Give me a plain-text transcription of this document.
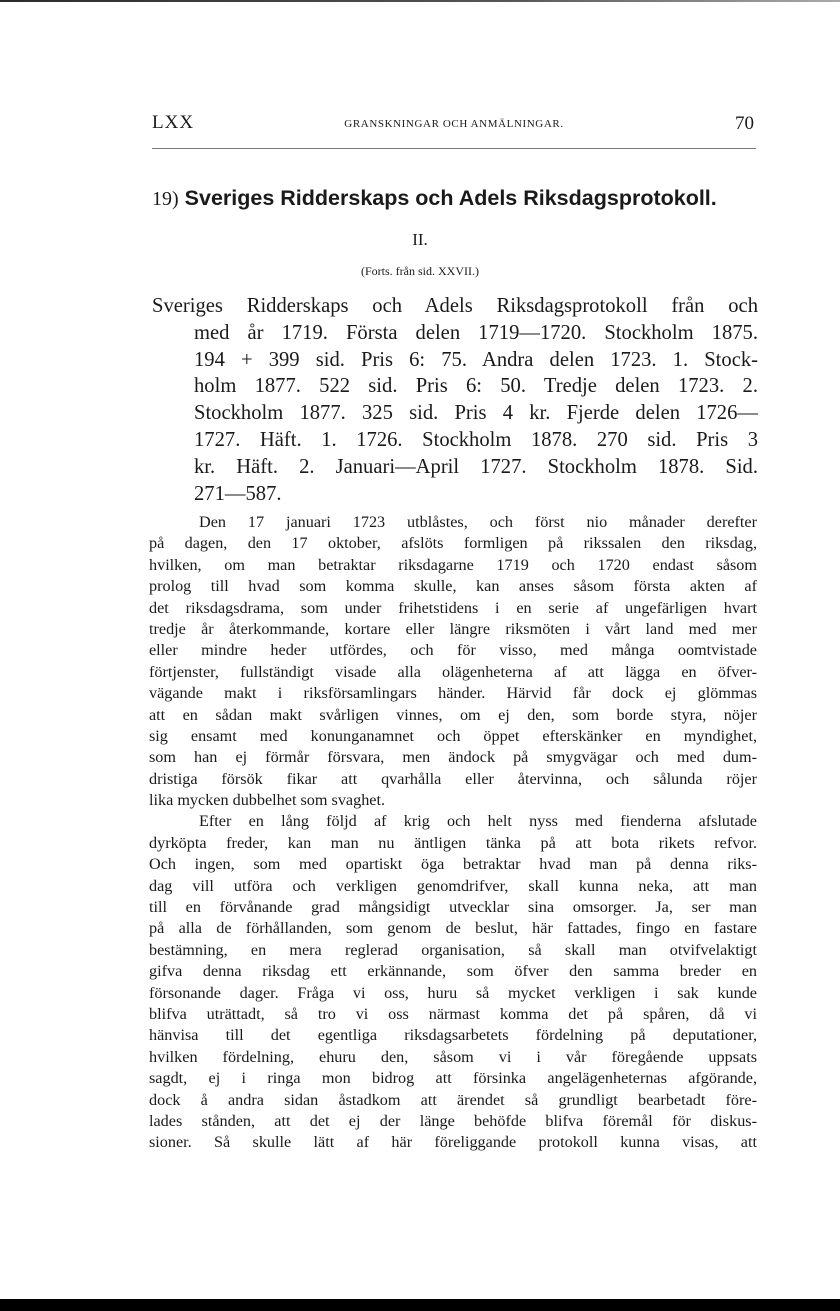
LXX	GRANSKNINGAR OCH ANMÄLNINGAR.	70
19) Sveriges Ridderskaps och Adels Riksdagsprotokoll.
II.
(Forts. från sid. XXVII.)
Sveriges Ridderskaps och Adels Riksdagsprotokoll från och
med år 1719. Första delen 1719—1720. Stockholm 1875.
194 + 399 sid. Pris 6: 75. Andra delen 1723. 1. Stock-
holm 1877. 522 sid. Pris 6: 50. Tredje delen 1723. 2.
Stockholm 1877. 325 sid. Pris 4 kr. Fjerde delen 1726—
1727. Häft. 1. 1726. Stockholm 1878. 270 sid. Pris 3
kr. Häft. 2. Januari—April 1727. Stockholm 1878. Sid.
271—587.
Den 17 januari 1723 utblåstes, och först nio månader derefter
på dagen, den 17 oktober, afslöts formligen på rikssalen den riksdag,
hvilken, om man betraktar riksdagarne 1719 och 1720 endast såsom
prolog till hvad som komma skulle, kan anses såsom första akten af
det riksdagsdrama, som under frihetstidens i en serie af ungefärligen hvart
tredje år återkommande, kortare eller längre riksmöten i vårt land med mer
eller mindre heder utfördes, och för visso, med många oomtvistade
förtjenster, fullständigt visade alla olägenheterna af att lägga en öfver-
vägande makt i riksförsamlingars händer. Härvid får dock ej glömmas
att en sådan makt svårligen vinnes, om ej den, som borde styra, nöjer
sig ensamt med konunganamnet och öppet efterskänker en myndighet,
som han ej förmår försvara, men ändock på smygvägar och med dum-
dristiga försök fikar att qvarhålla eller återvinna, och sålunda röjer
lika mycken dubbelhet som svaghet.
Efter en lång följd af krig och helt nyss med fienderna afslutade
dyrköpta freder, kan man nu äntligen tänka på att bota rikets refvor.
Och ingen, som med opartiskt öga betraktar hvad man på denna riks-
dag vill utföra och verkligen genomdrifver, skall kunna neka, att man
till en förvånande grad mångsidigt utvecklar sina omsorger. Ja, ser man
på alla de förhållanden, som genom de beslut, här fattades, fingo en fastare
bestämning, en mera reglerad organisation, så skall man otvifvelaktigt
gifva denna riksdag ett erkännande, som öfver den samma breder en
försonande dager. Fråga vi oss, huru så mycket verkligen i sak kunde
blifva uträttadt, så tro vi oss närmast komma det på spåren, då vi
hänvisa till det egentliga riksdagsarbetets fördelning på deputationer,
hvilken fördelning, ehuru den, såsom vi i vår föregående uppsats
sagdt, ej i ringa mon bidrog att försinka angelägenheternas afgörande,
dock å andra sidan åstadkom att ärendet så grundligt bearbetadt före-
lades stånden, att det ej der länge behöfde blifva föremål för diskus-
sioner. Så skulle lätt af här föreliggande protokoll kunna visas, att
